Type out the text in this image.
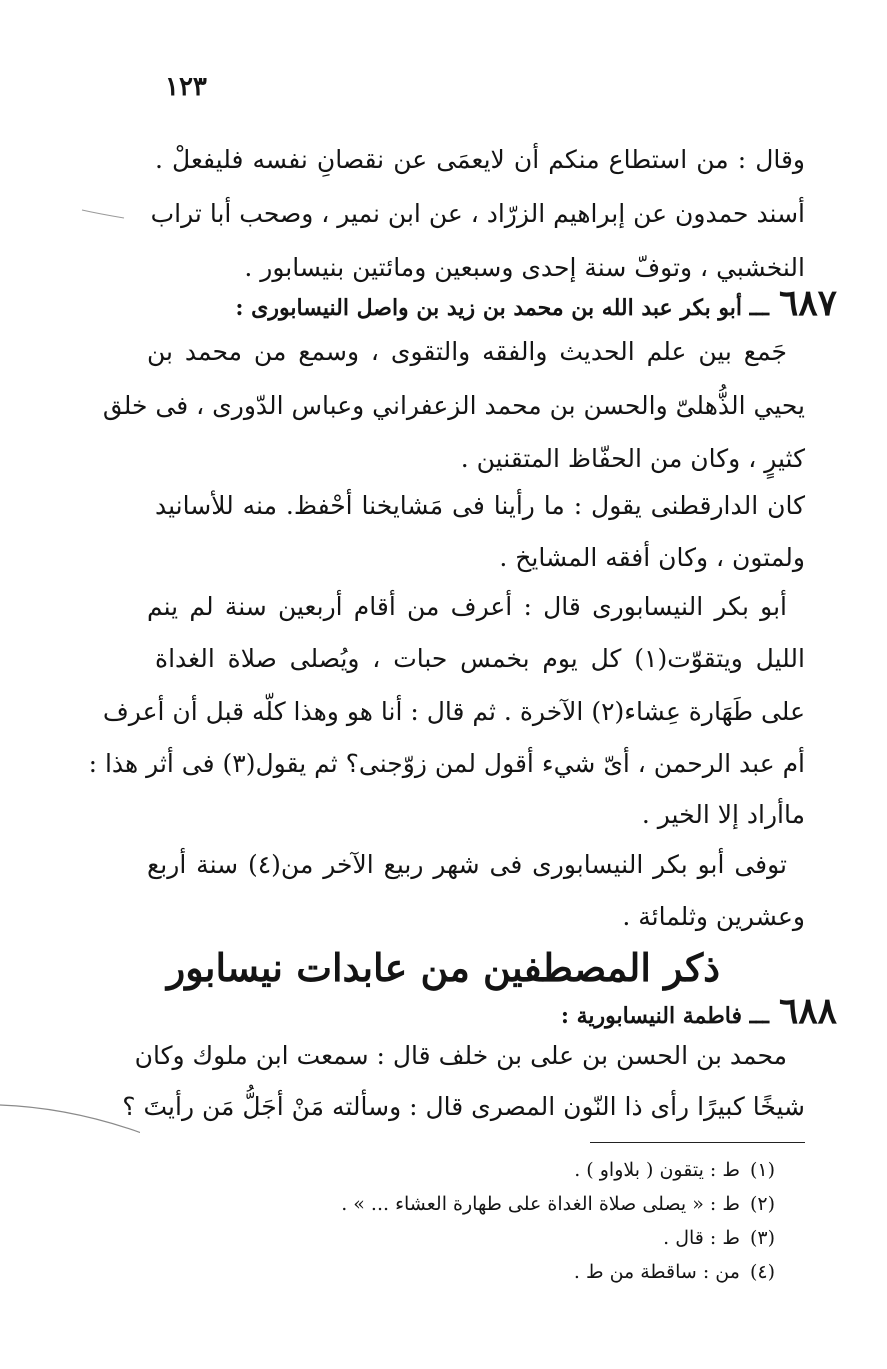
١٢٣
وقال : من استطاع منكم أن لايعمَى عن نقصانِ نفسه فليفعلْ .
أسند حمدون عن إبراهيم الزرّاد ، عن ابن نمير ، وصحب أبا تراب
النخشبي ، وتوفّ سنة إحدى وسبعين ومائتين بنيسابور .
٦٨٧ـــ أبو بكر عبد الله بن محمد بن زيد بن واصل النيسابورى :
جَمع بين علم الحديث والفقه والتقوى ، وسمع من محمد بن
يحيي الذُّهلىّ والحسن بن محمد الزعفراني وعباس الدّورى ، فى خلق
كثيرٍ ، وكان من الحفّاظ المتقنين .
كان الدارقطنى يقول : ما رأينا فى مَشايخنا أحْفظ. منه للأسانيد
ولمتون ، وكان أفقه المشايخ .
أبو بكر النيسابورى قال : أعرف من أقام أربعين سنة لم ينم
الليل ويتقوّت(١) كل يوم بخمس حبات ، ويُصلى صلاة الغداة
على طَهَارة عِشاء(٢) الآخرة . ثم قال : أنا هو وهذا كلّه قبل أن أعرف
أم عبد الرحمن ، أىّ شيء أقول لمن زوّجنى؟ ثم يقول(٣) فى أثر هذا :
ماأراد إلا الخير .
توفى أبو بكر النيسابورى فى شهر ربيع الآخر من(٤) سنة أربع
وعشرين وثلمائة .
ذكر المصطفين من عابدات نيسابور
٦٨٨ـــ فاطمة النيسابورية :
محمد بن الحسن بن على بن خلف قال : سمعت ابن ملوك وكان
شيخًا كبيرًا رأى ذا النّون المصرى قال : وسألته مَنْ أجَلُّ مَن رأيتَ ؟
(١)ط : يتقون ( بلاواو ) .
(٢)ط : « يصلى صلاة الغداة على طهارة العشاء ... » .
(٣)ط : قال .
(٤)من : ساقطة من ط .
